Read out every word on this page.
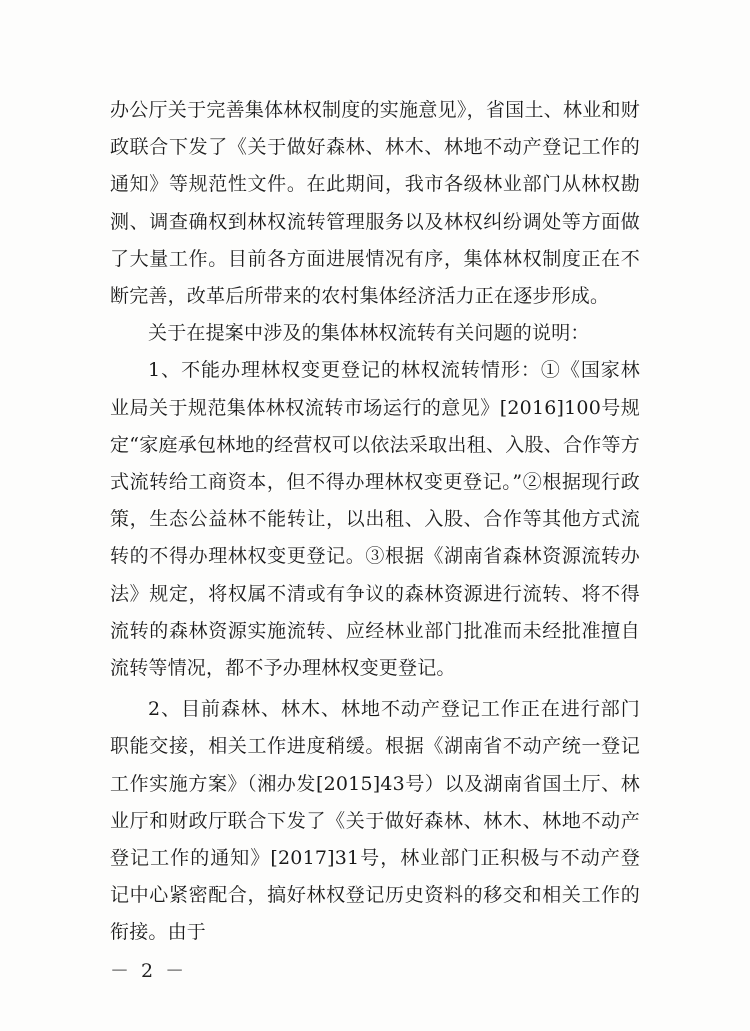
办公厅关于完善集体林权制度的实施意见》，省国土、林业和财政联合下发了《关于做好森林、林木、林地不动产登记工作的通知》等规范性文件。在此期间，我市各级林业部门从林权勘测、调查确权到林权流转管理服务以及林权纠纷调处等方面做了大量工作。目前各方面进展情况有序，集体林权制度正在不断完善，改革后所带来的农村集体经济活力正在逐步形成。

关于在提案中涉及的集体林权流转有关问题的说明：

1、不能办理林权变更登记的林权流转情形：①《国家林业局关于规范集体林权流转市场运行的意见》[2016]100号规定“家庭承包林地的经营权可以依法采取出租、入股、合作等方式流转给工商资本，但不得办理林权变更登记。”②根据现行政策，生态公益林不能转让，以出租、入股、合作等其他方式流转的不得办理林权变更登记。③根据《湖南省森林资源流转办法》规定，将权属不清或有争议的森林资源进行流转、将不得流转的森林资源实施流转、应经林业部门批准而未经批准擅自流转等情况，都不予办理林权变更登记。

2、目前森林、林木、林地不动产登记工作正在进行部门职能交接，相关工作进度稍缓。根据《湖南省不动产统一登记工作实施方案》（湘办发[2015]43号）以及湖南省国土厅、林业厅和财政厅联合下发了《关于做好森林、林木、林地不动产登记工作的通知》[2017]31号，林业部门正积极与不动产登记中心紧密配合，搞好林权登记历史资料的移交和相关工作的衔接。由于

－ 2 －
